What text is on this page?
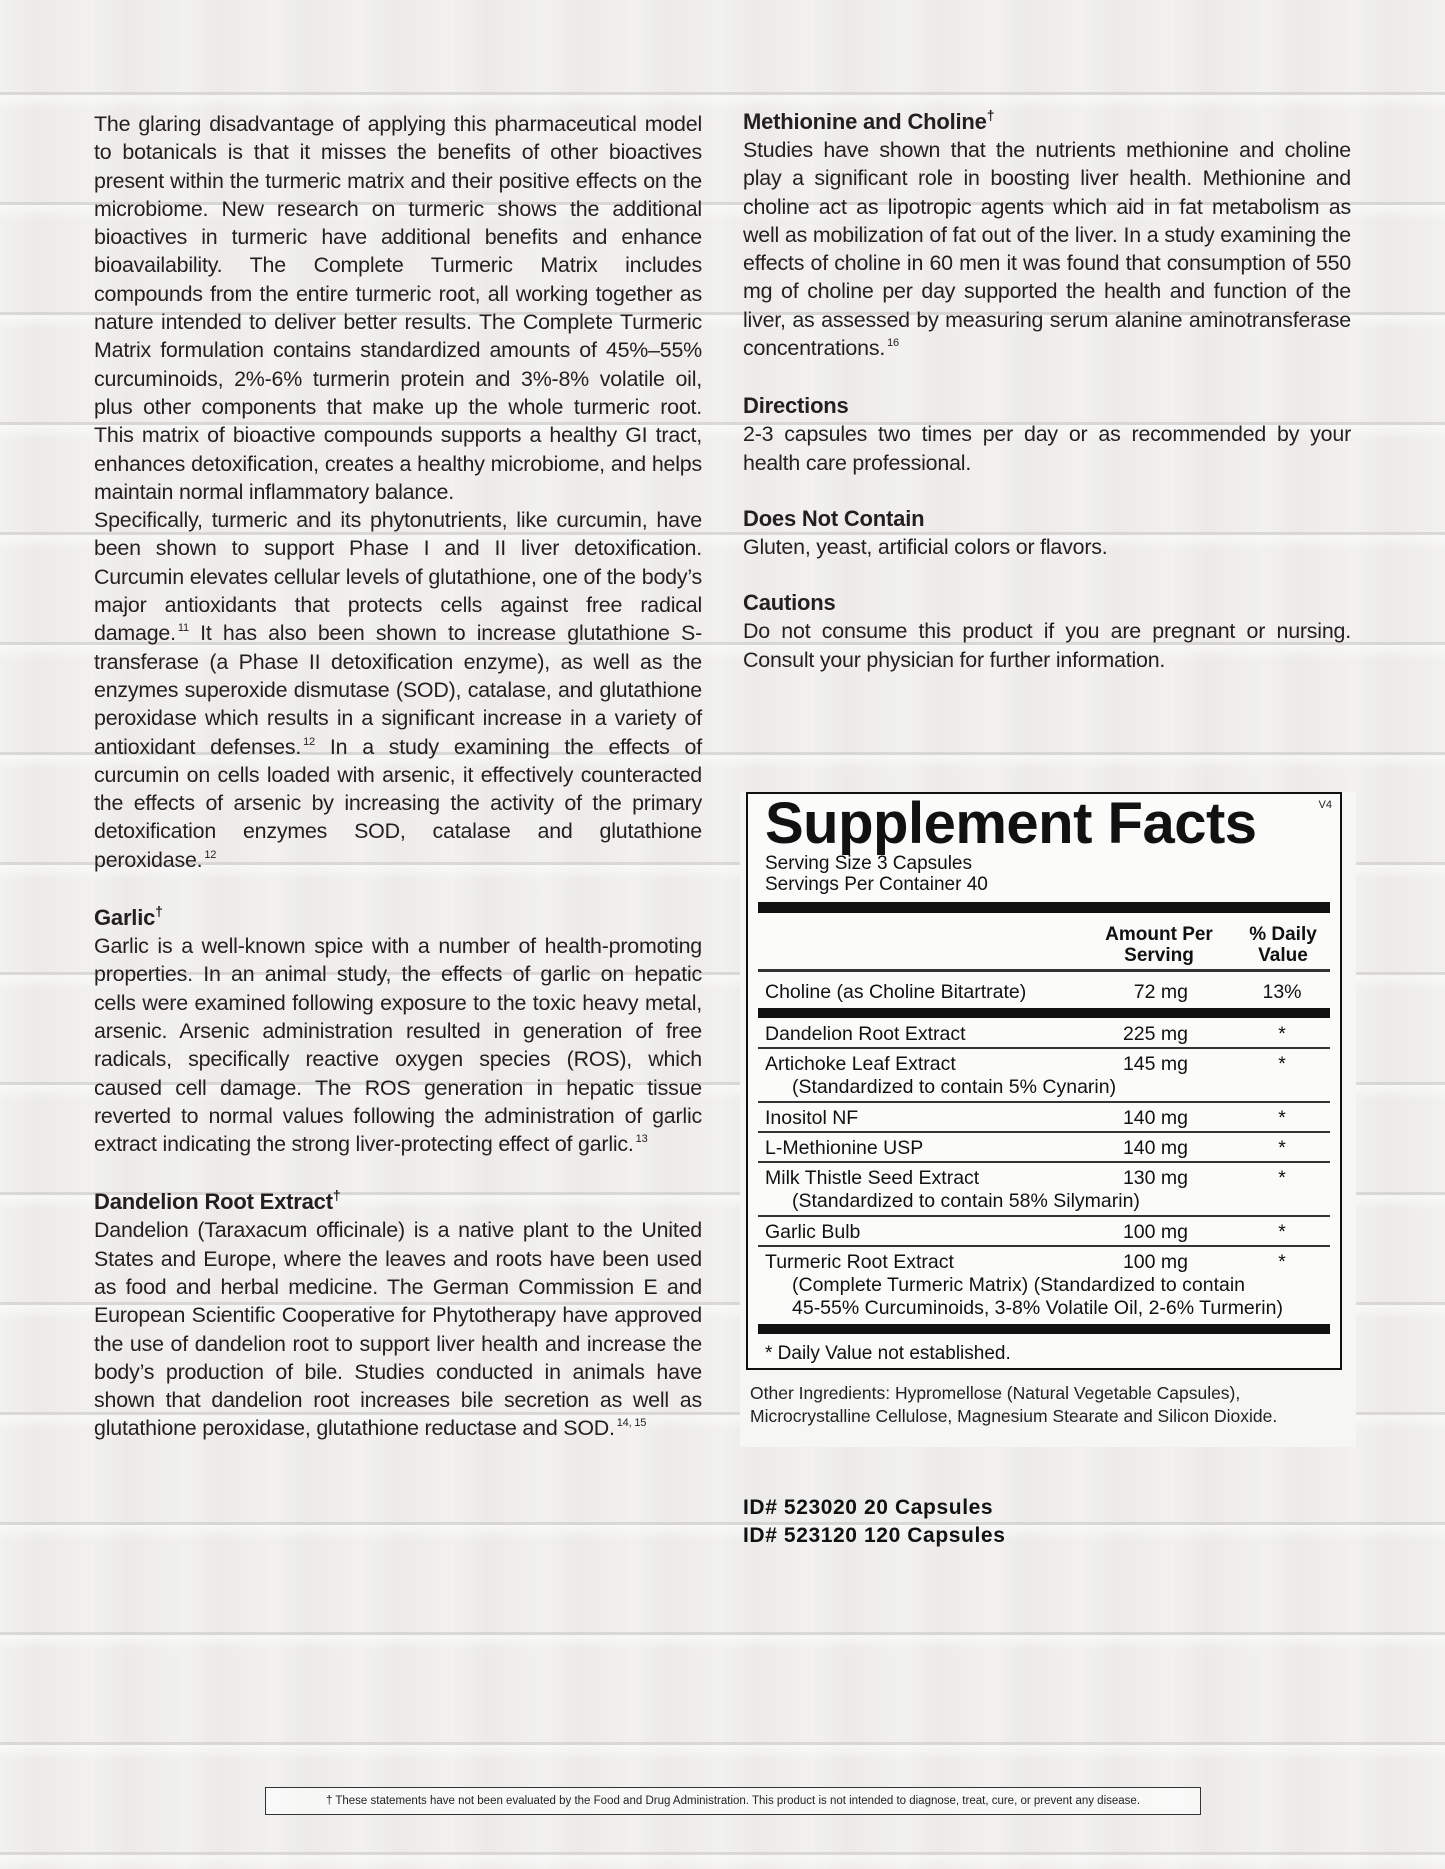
The glaring disadvantage of applying this pharmaceutical model to botanicals is that it misses the benefits of other bioactives present within the turmeric matrix and their positive effects on the microbiome. New research on turmeric shows the additional bioactives in turmeric have additional benefits and enhance bioavailability. The Complete Turmeric Matrix includes compounds from the entire turmeric root, all working together as nature intended to deliver better results. The Complete Turmeric Matrix formulation contains standardized amounts of 45%–55% curcuminoids, 2%-6% turmerin protein and 3%-8% volatile oil, plus other components that make up the whole turmeric root. This matrix of bioactive compounds supports a healthy GI tract, enhances detoxification, creates a healthy microbiome, and helps maintain normal inflammatory balance.

Specifically, turmeric and its phytonutrients, like curcumin, have been shown to support Phase I and II liver detoxification. Curcumin elevates cellular levels of glutathione, one of the body’s major antioxidants that protects cells against free radical damage. $^{11}$ It has also been shown to increase glutathione S-transferase (a Phase II detoxification enzyme), as well as the enzymes superoxide dismutase (SOD), catalase, and glutathione peroxidase which results in a significant increase in a variety of antioxidant defenses. $^{12}$ In a study examining the effects of curcumin on cells loaded with arsenic, it effectively counteracted the effects of arsenic by increasing the activity of the primary detoxification enzymes SOD, catalase and glutathione peroxidase. $^{12}$

Garlic†

Garlic is a well-known spice with a number of health-promoting properties. In an animal study, the effects of garlic on hepatic cells were examined following exposure to the toxic heavy metal, arsenic. Arsenic administration resulted in generation of free radicals, specifically reactive oxygen species (ROS), which caused cell damage. The ROS generation in hepatic tissue reverted to normal values following the administration of garlic extract indicating the strong liver-protecting effect of garlic. $^{13}$

Dandelion Root Extract†

Dandelion (Taraxacum officinale) is a native plant to the United States and Europe, where the leaves and roots have been used as food and herbal medicine. The German Commission E and European Scientific Cooperative for Phytotherapy have approved the use of dandelion root to support liver health and increase the body’s production of bile. Studies conducted in animals have shown that dandelion root increases bile secretion as well as glutathione peroxidase, glutathione reductase and SOD. $^{14, 15}$

Methionine and Choline†

Studies have shown that the nutrients methionine and choline play a significant role in boosting liver health. Methionine and choline act as lipotropic agents which aid in fat metabolism as well as mobilization of fat out of the liver. In a study examining the effects of choline in 60 men it was found that consumption of 550 mg of choline per day supported the health and function of the liver, as assessed by measuring serum alanine aminotransferase concentrations. $^{16}$

Directions

2-3 capsules two times per day or as recommended by your health care professional.

Does Not Contain

Gluten, yeast, artificial colors or flavors.

Cautions

Do not consume this product if you are pregnant or nursing. Consult your physician for further information.

Supplement Facts	V4
Serving Size 3 Capsules
Servings Per Container 40
Amount Per
Serving
% Daily
Value
Choline (as Choline Bitartrate)	72 mg	13%
Dandelion Root Extract	225 mg	*
Artichoke Leaf Extract	145 mg	*
(Standardized to contain 5% Cynarin)
Inositol NF	140 mg	*
L-Methionine USP	140 mg	*
Milk Thistle Seed Extract	130 mg	*
(Standardized to contain 58% Silymarin)
Garlic Bulb	100 mg	*
Turmeric Root Extract	100 mg	*
(Complete Turmeric Matrix) (Standardized to contain
45-55% Curcuminoids, 3-8% Volatile Oil, 2-6% Turmerin)
* Daily Value not established.
Other Ingredients: Hypromellose (Natural Vegetable Capsules), Microcrystalline Cellulose, Magnesium Stearate and Silicon Dioxide.
ID# 523020 20 Capsules
ID# 523120 120 Capsules
† These statements have not been evaluated by the Food and Drug Administration. This product is not intended to diagnose, treat, cure, or prevent any disease.
